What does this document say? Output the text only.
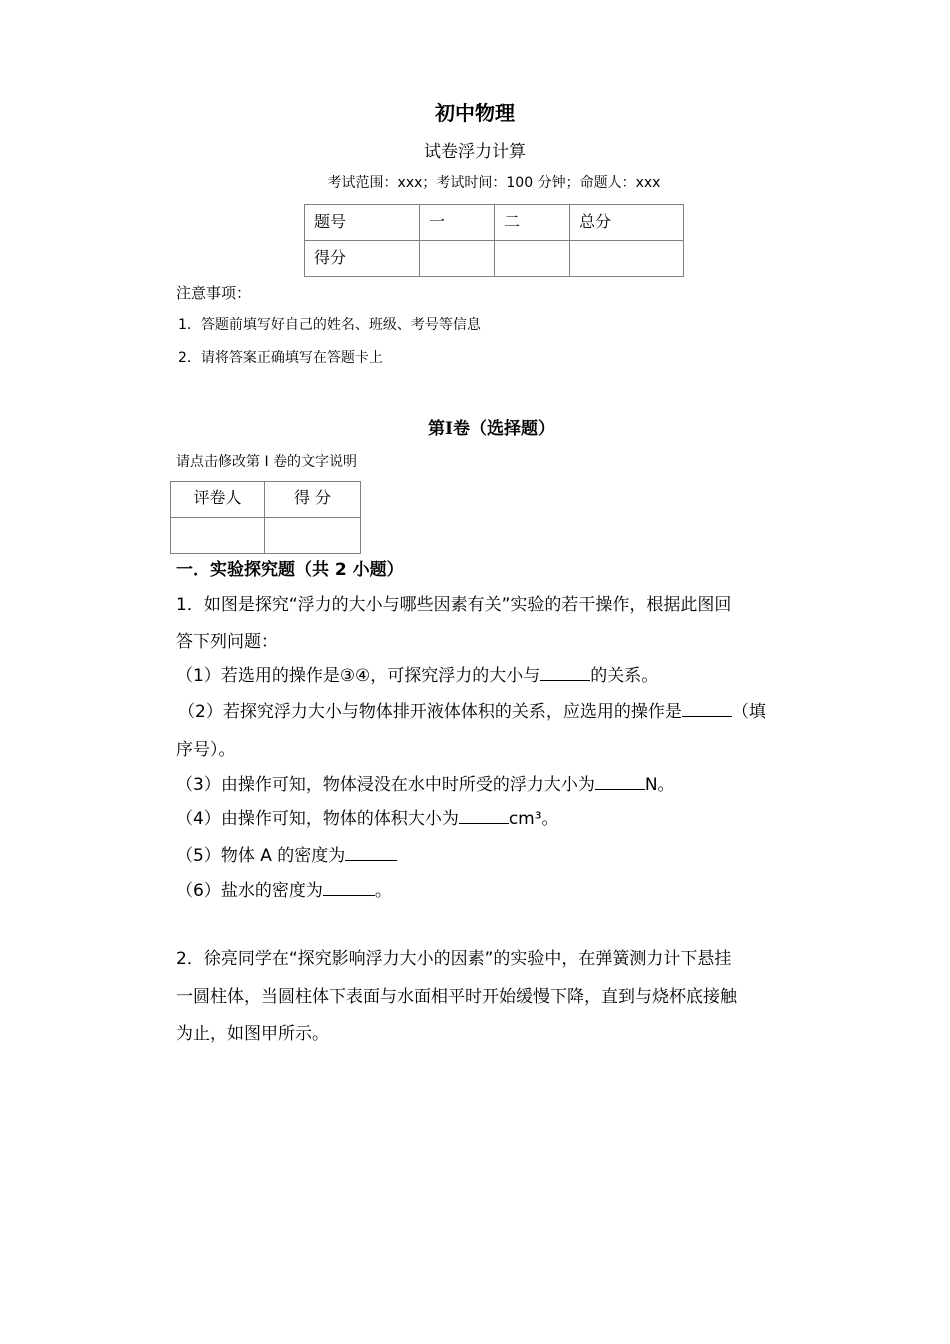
初中物理
试卷浮力计算
考试范围：xxx；考试时间：100 分钟；命题人：xxx
题号	一	二	总分

得分			

注意事项：
1．答题前填写好自己的姓名、班级、考号等信息
2．请将答案正确填写在答题卡上
第Ⅰ卷（选择题）
请点击修改第 I 卷的文字说明
评卷人	得 分

一．实验探究题（共 2 小题）
1．如图是探究“浮力的大小与哪些因素有关”实验的若干操作，根据此图回
答下列问题：
（1）若选用的操作是③④，可探究浮力的大小与	的关系。
（2）若探究浮力大小与物体排开液体体积的关系，应选用的操作是	（填
序号）。
（3）由操作可知，物体浸没在水中时所受的浮力大小为	N。
（4）由操作可知，物体的体积大小为	cm³。
（5）物体 A 的密度为
（6）盐水的密度为	。
2．徐亮同学在“探究影响浮力大小的因素”的实验中，在弹簧测力计下悬挂
一圆柱体，当圆柱体下表面与水面相平时开始缓慢下降，直到与烧杯底接触
为止，如图甲所示。
